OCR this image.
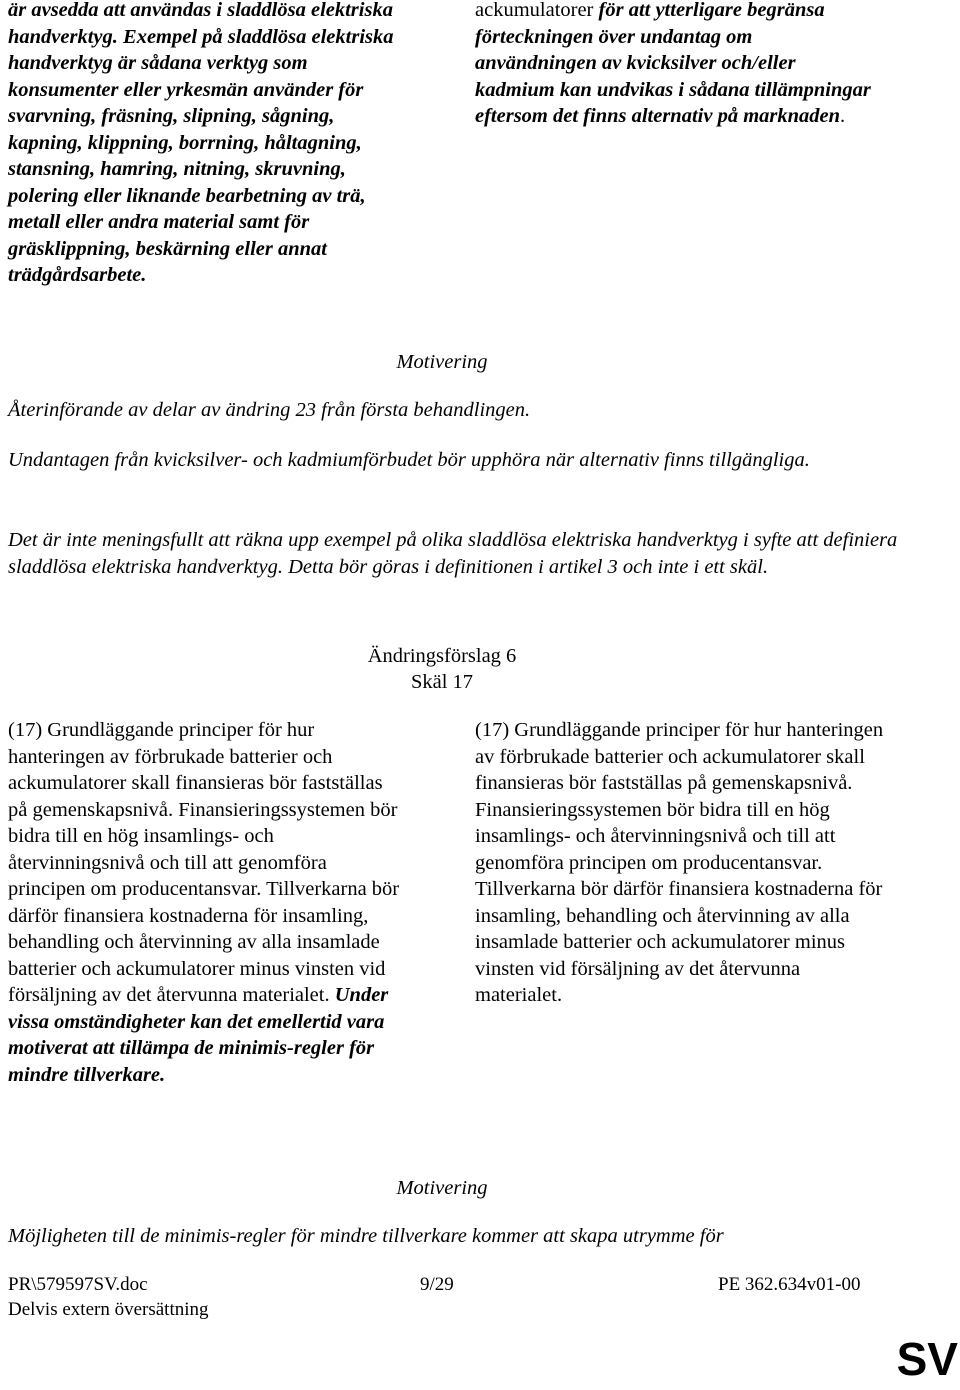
är avsedda att användas i sladdlösa elektriska handverktyg. Exempel på sladdlösa elektriska handverktyg är sådana verktyg som konsumenter eller yrkesmän använder för svarvning, fräsning, slipning, sågning, kapning, klippning, borrning, håltagning, stansning, hamring, nitning, skruvning, polering eller liknande bearbetning av trä, metall eller andra material samt för gräsklippning, beskärning eller annat trädgårdsarbete.

ackumulatorer för att ytterligare begränsa förteckningen över undantag om användningen av kvicksilver och/eller kadmium kan undvikas i sådana tillämpningar eftersom det finns alternativ på marknaden.

Motivering

Återinförande av delar av ändring 23 från första behandlingen.

Undantagen från kvicksilver- och kadmiumförbudet bör upphöra när alternativ finns tillgängliga.

Det är inte meningsfullt att räkna upp exempel på olika sladdlösa elektriska handverktyg i syfte att definiera sladdlösa elektriska handverktyg. Detta bör göras i definitionen i artikel 3 och inte i ett skäl.

Ändringsförslag 6
Skäl 17

(17) Grundläggande principer för hur hanteringen av förbrukade batterier och ackumulatorer skall finansieras bör fastställas på gemenskapsnivå. Finansieringssystemen bör bidra till en hög insamlings- och återvinningsnivå och till att genomföra principen om producentansvar. Tillverkarna bör därför finansiera kostnaderna för insamling, behandling och återvinning av alla insamlade batterier och ackumulatorer minus vinsten vid försäljning av det återvunna materialet. Under vissa omständigheter kan det emellertid vara motiverat att tillämpa de minimis-regler för mindre tillverkare.

(17) Grundläggande principer för hur hanteringen av förbrukade batterier och ackumulatorer skall finansieras bör fastställas på gemenskapsnivå. Finansieringssystemen bör bidra till en hög insamlings- och återvinningsnivå och till att genomföra principen om producentansvar. Tillverkarna bör därför finansiera kostnaderna för insamling, behandling och återvinning av alla insamlade batterier och ackumulatorer minus vinsten vid försäljning av det återvunna materialet.

Motivering

Möjligheten till de minimis-regler för mindre tillverkare kommer att skapa utrymme för

PR\579597SV.doc	9/29	PE 362.634v01-00
Delvis extern översättning
SV
